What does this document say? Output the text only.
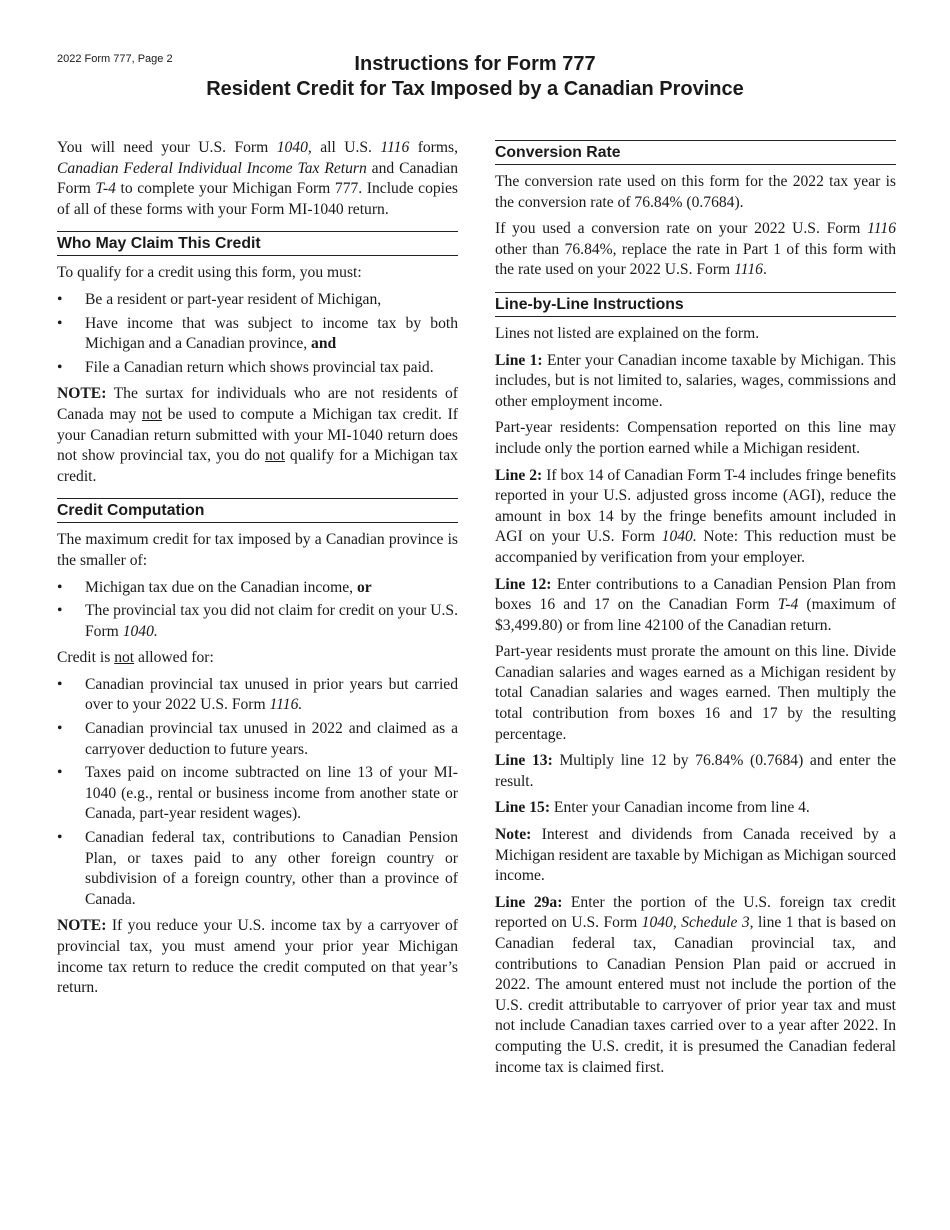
2022 Form 777, Page 2	Instructions for Form 777
Resident Credit for Tax Imposed by a Canadian Province

You will need your U.S. Form 1040, all U.S. 1116 forms, Canadian Federal Individual Income Tax Return and Canadian Form T-4 to complete your Michigan Form 777. Include copies of all of these forms with your Form MI-1040 return.

Who May Claim This Credit

To qualify for a credit using this form, you must:

• Be a resident or part-year resident of Michigan,
• Have income that was subject to income tax by both Michigan and a Canadian province, and
• File a Canadian return which shows provincial tax paid.

NOTE: The surtax for individuals who are not residents of Canada may not be used to compute a Michigan tax credit. If your Canadian return submitted with your MI-1040 return does not show provincial tax, you do not qualify for a Michigan tax credit.

Credit Computation

The maximum credit for tax imposed by a Canadian province is the smaller of:

• Michigan tax due on the Canadian income, or
• The provincial tax you did not claim for credit on your U.S. Form 1040.

Credit is not allowed for:

• Canadian provincial tax unused in prior years but carried over to your 2022 U.S. Form 1116.
• Canadian provincial tax unused in 2022 and claimed as a carryover deduction to future years.
• Taxes paid on income subtracted on line 13 of your MI-1040 (e.g., rental or business income from another state or Canada, part-year resident wages).
• Canadian federal tax, contributions to Canadian Pension Plan, or taxes paid to any other foreign country or subdivision of a foreign country, other than a province of Canada.

NOTE: If you reduce your U.S. income tax by a carryover of provincial tax, you must amend your prior year Michigan income tax return to reduce the credit computed on that year’s return.

Conversion Rate

The conversion rate used on this form for the 2022 tax year is the conversion rate of 76.84% (0.7684).

If you used a conversion rate on your 2022 U.S. Form 1116 other than 76.84%, replace the rate in Part 1 of this form with the rate used on your 2022 U.S. Form 1116.

Line-by-Line Instructions

Lines not listed are explained on the form.

Line 1: Enter your Canadian income taxable by Michigan. This includes, but is not limited to, salaries, wages, commissions and other employment income.

Part-year residents: Compensation reported on this line may include only the portion earned while a Michigan resident.

Line 2: If box 14 of Canadian Form T-4 includes fringe benefits reported in your U.S. adjusted gross income (AGI), reduce the amount in box 14 by the fringe benefits amount included in AGI on your U.S. Form 1040. Note: This reduction must be accompanied by verification from your employer.

Line 12: Enter contributions to a Canadian Pension Plan from boxes 16 and 17 on the Canadian Form T-4 (maximum of $3,499.80) or from line 42100 of the Canadian return.

Part-year residents must prorate the amount on this line. Divide Canadian salaries and wages earned as a Michigan resident by total Canadian salaries and wages earned. Then multiply the total contribution from boxes 16 and 17 by the resulting percentage.

Line 13: Multiply line 12 by 76.84% (0.7684) and enter the result.

Line 15: Enter your Canadian income from line 4.

Note: Interest and dividends from Canada received by a Michigan resident are taxable by Michigan as Michigan sourced income.

Line 29a: Enter the portion of the U.S. foreign tax credit reported on U.S. Form 1040, Schedule 3, line 1 that is based on Canadian federal tax, Canadian provincial tax, and contributions to Canadian Pension Plan paid or accrued in 2022. The amount entered must not include the portion of the U.S. credit attributable to carryover of prior year tax and must not include Canadian taxes carried over to a year after 2022. In computing the U.S. credit, it is presumed the Canadian federal income tax is claimed first.
